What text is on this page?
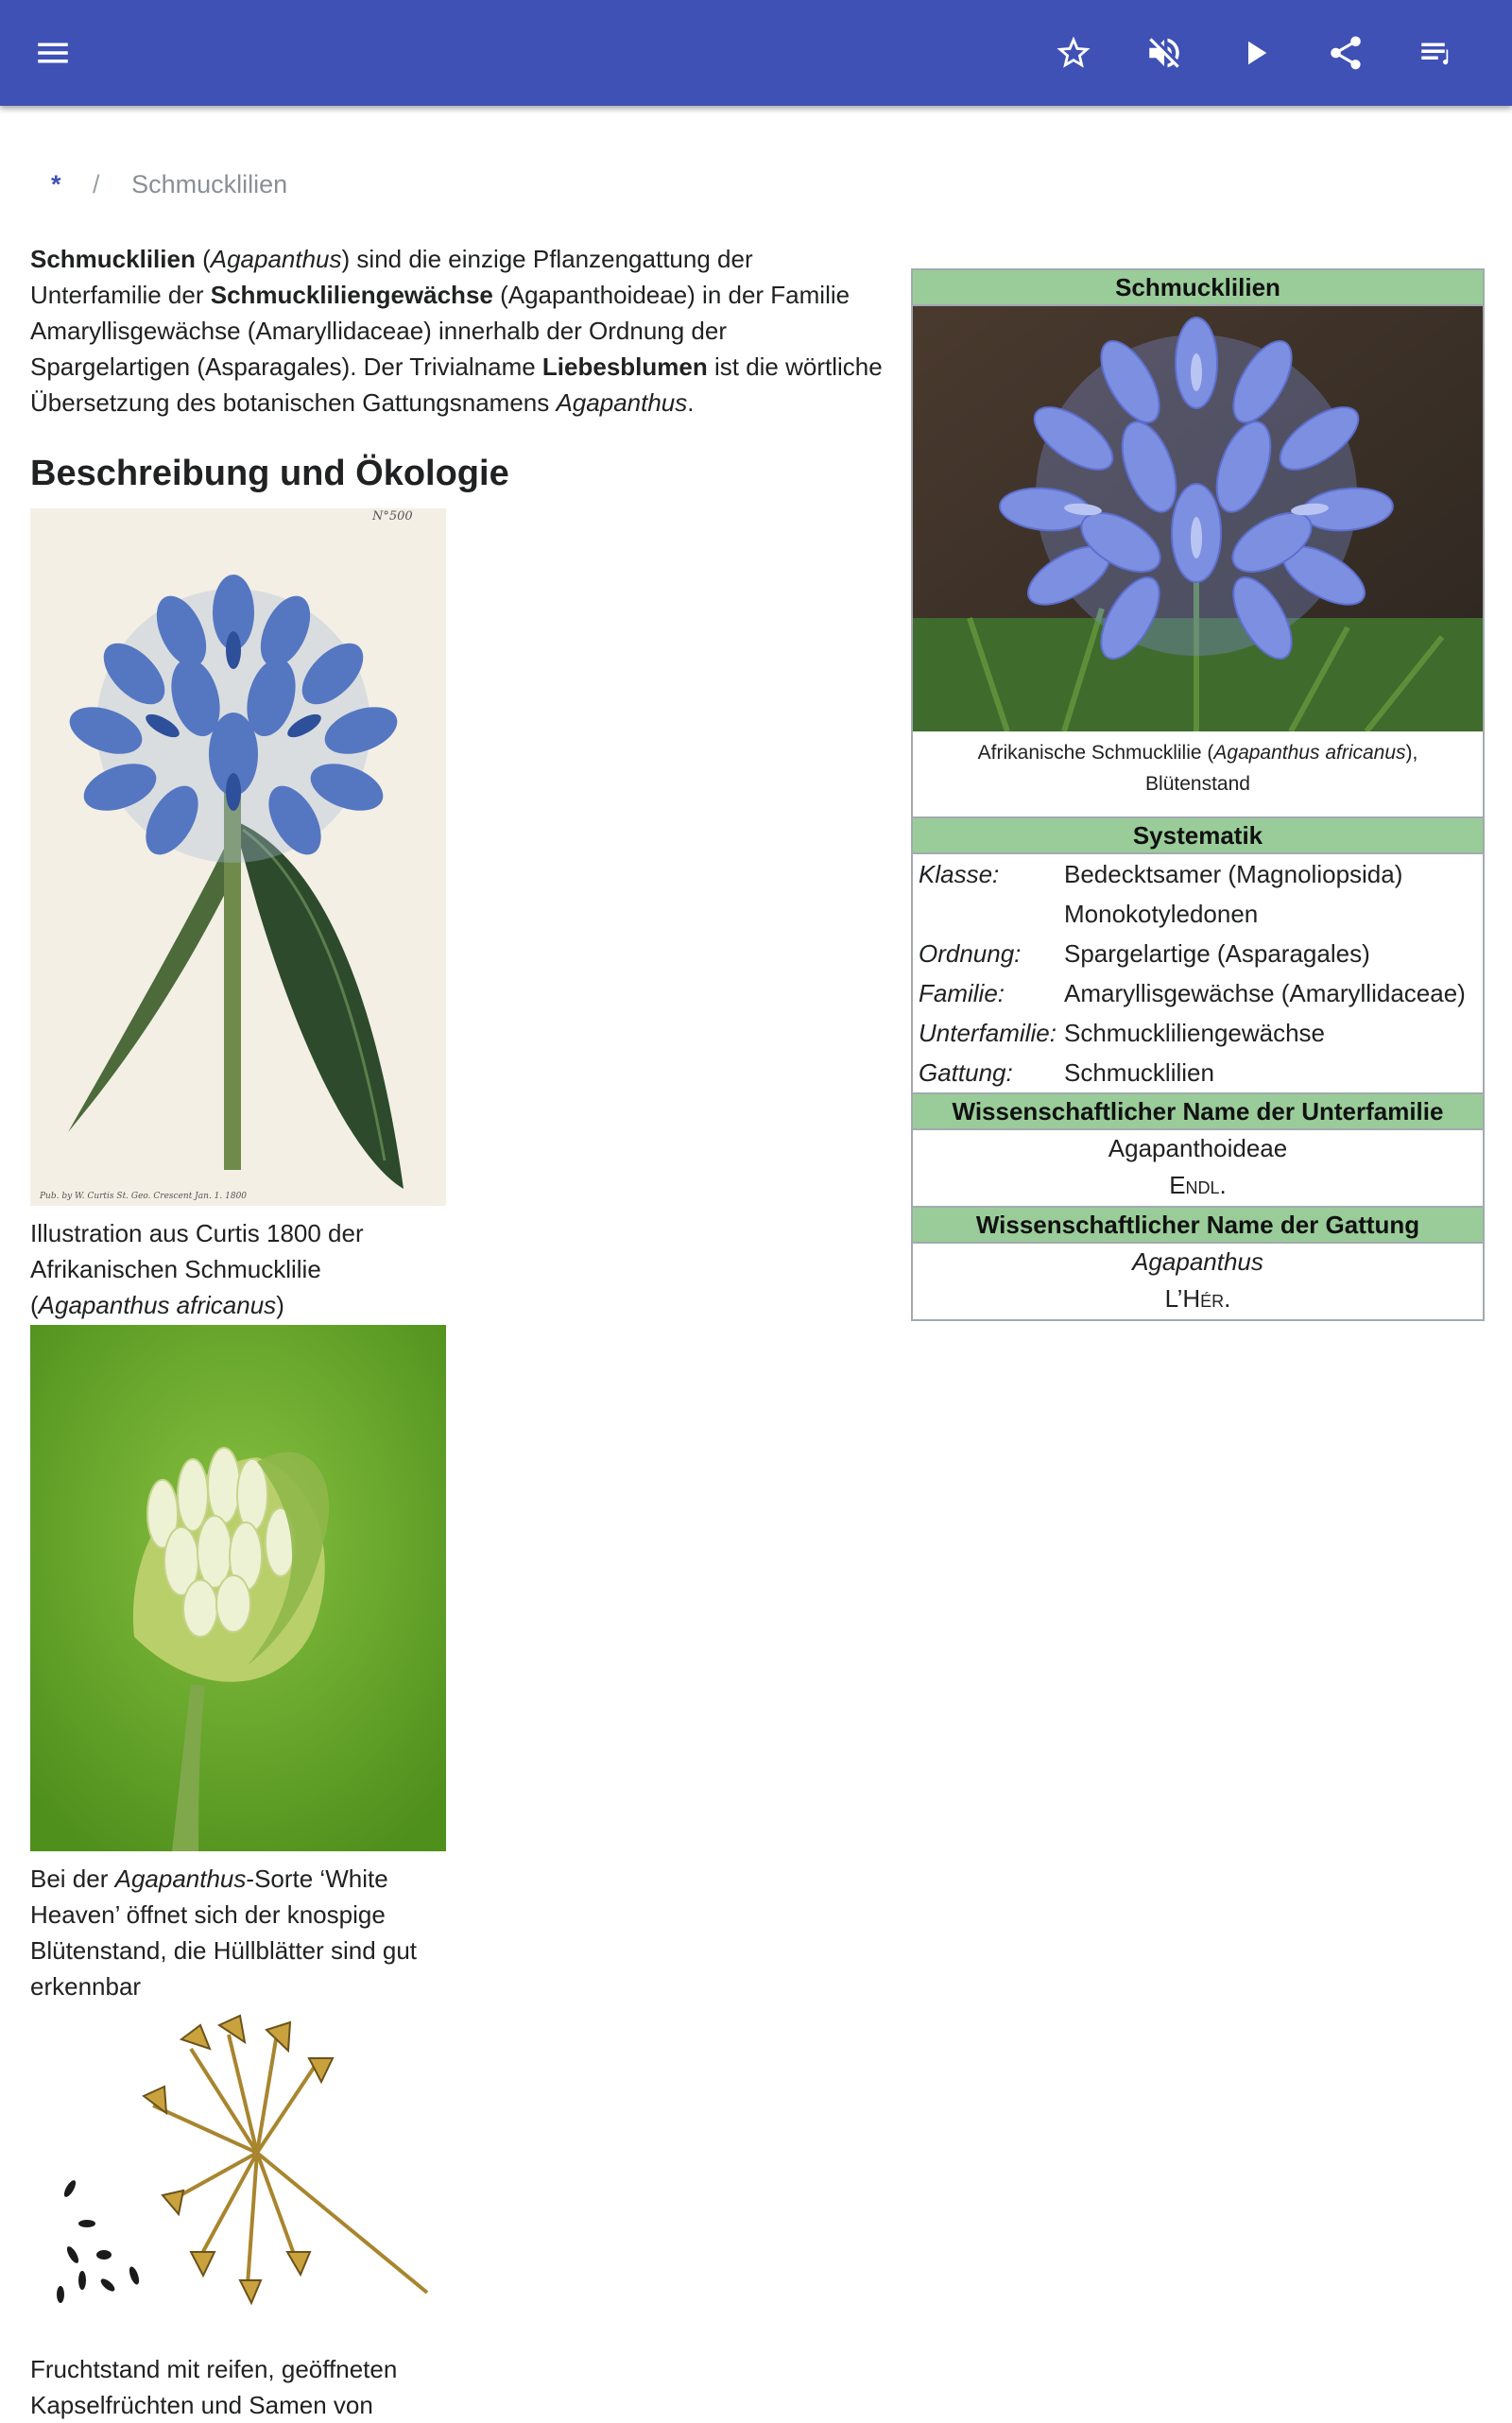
* / Schmucklilien

Schmucklilien (Agapanthus) sind die einzige Pflanzengattung der Unterfamilie der Schmuckliliengewächse (Agapanthoideae) in der Familie Amaryllisgewächse (Amaryllidaceae) innerhalb der Ordnung der Spargelartigen (Asparagales). Der Trivialname Liebesblumen ist die wörtliche Übersetzung des botanischen Gattungsnamens Agapanthus.

Beschreibung und Ökologie
N°500
Pub. by W. Curtis St. Geo. Crescent Jan. 1. 1800
Illustration aus Curtis 1800 der Afrikanischen Schmucklilie (Agapanthus africanus)
Bei der Agapanthus-Sorte ‘White Heaven’ öffnet sich der knospige Blütenstand, die Hüllblätter sind gut erkennbar
Fruchtstand mit reifen, geöffneten Kapselfrüchten und Samen von
Schmucklilien
Afrikanische Schmucklilie (Agapanthus africanus),
Blütenstand
Systematik
Klasse:	Bedecktsamer (Magnoliopsida)
Monokotyledonen
Ordnung:	Spargelartige (Asparagales)
Familie:	Amaryllisgewächse (Amaryllidaceae)
Unterfamilie: Schmuckliliengewächse
Gattung:	Schmucklilien
Wissenschaftlicher Name der Unterfamilie
Agapanthoideae
Endl.
Wissenschaftlicher Name der Gattung
Agapanthus
L’Hér.
